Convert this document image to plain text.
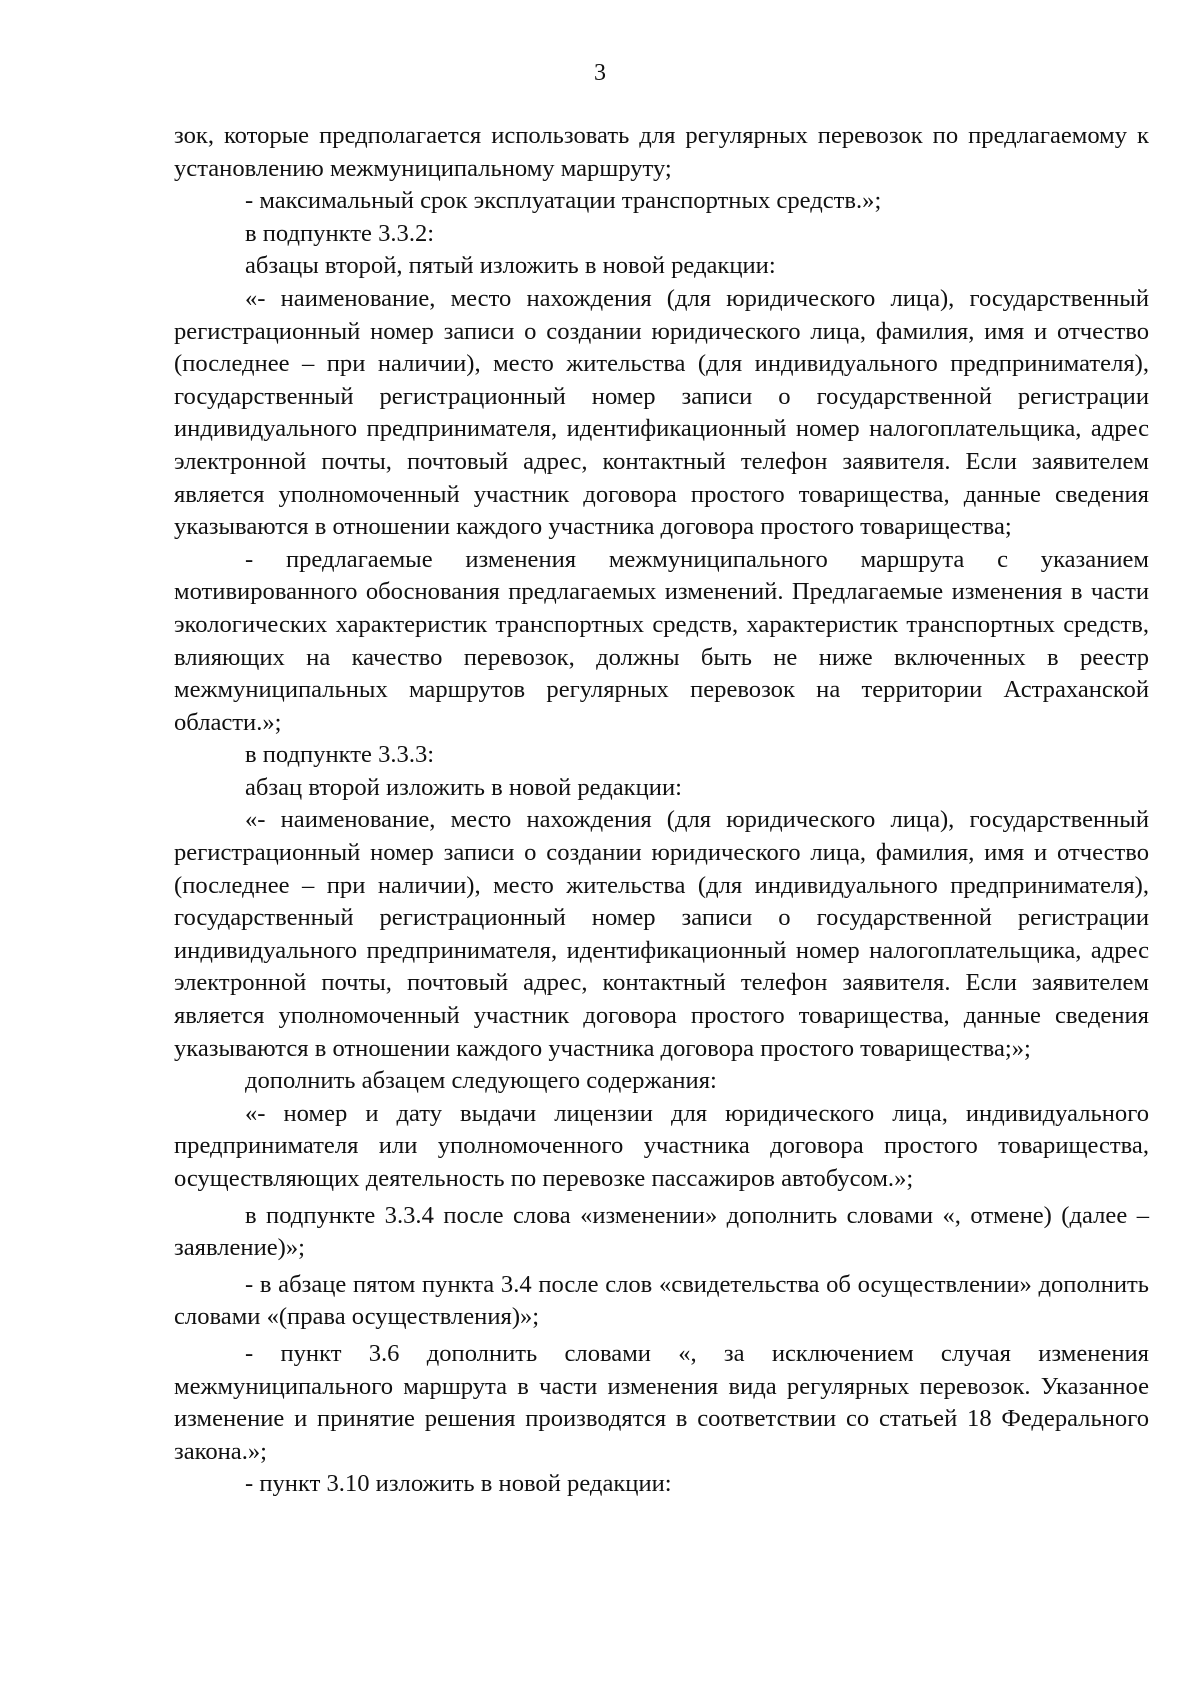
3

зок, которые предполагается использовать для регулярных перевозок по предлагаемому к установлению межмуниципальному маршруту;

- максимальный срок эксплуатации транспортных средств.»;

в подпункте 3.3.2:

абзацы второй, пятый изложить в новой редакции:

«- наименование, место нахождения (для юридического лица), государственный регистрационный номер записи о создании юридического лица, фамилия, имя и отчество (последнее – при наличии), место жительства (для индивидуального предпринимателя), государственный регистрационный номер записи о государственной регистрации индивидуального предпринимателя, идентификационный номер налогоплательщика, адрес электронной почты, почтовый адрес, контактный телефон заявителя. Если заявителем является уполномоченный участник договора простого товарищества, данные сведения указываются в отношении каждого участника договора простого товарищества;

- предлагаемые изменения межмуниципального маршрута с указанием мотивированного обоснования предлагаемых изменений. Предлагаемые изменения в части экологических характеристик транспортных средств, характеристик транспортных средств, влияющих на качество перевозок, должны быть не ниже включенных в реестр межмуниципальных маршрутов регулярных перевозок на территории Астраханской области.»;

в подпункте 3.3.3:

абзац второй изложить в новой редакции:

«- наименование, место нахождения (для юридического лица), государственный регистрационный номер записи о создании юридического лица, фамилия, имя и отчество (последнее – при наличии), место жительства (для индивидуального предпринимателя), государственный регистрационный номер записи о государственной регистрации индивидуального предпринимателя, идентификационный номер налогоплательщика, адрес электронной почты, почтовый адрес, контактный телефон заявителя. Если заявителем является уполномоченный участник договора простого товарищества, данные сведения указываются в отношении каждого участника договора простого товарищества;»;

дополнить абзацем следующего содержания:

«- номер и дату выдачи лицензии для юридического лица, индивидуального предпринимателя или уполномоченного участника договора простого товарищества, осуществляющих деятельность по перевозке пассажиров автобусом.»;

в подпункте 3.3.4 после слова «изменении» дополнить словами «, отмене) (далее – заявление)»;

- в абзаце пятом пункта 3.4 после слов «свидетельства об осуществлении» дополнить словами «(права осуществления)»;

- пункт 3.6 дополнить словами «, за исключением случая изменения межмуниципального маршрута в части изменения вида регулярных перевозок. Указанное изменение и принятие решения производятся в соответствии со статьей 18 Федерального закона.»;

- пункт 3.10 изложить в новой редакции:
